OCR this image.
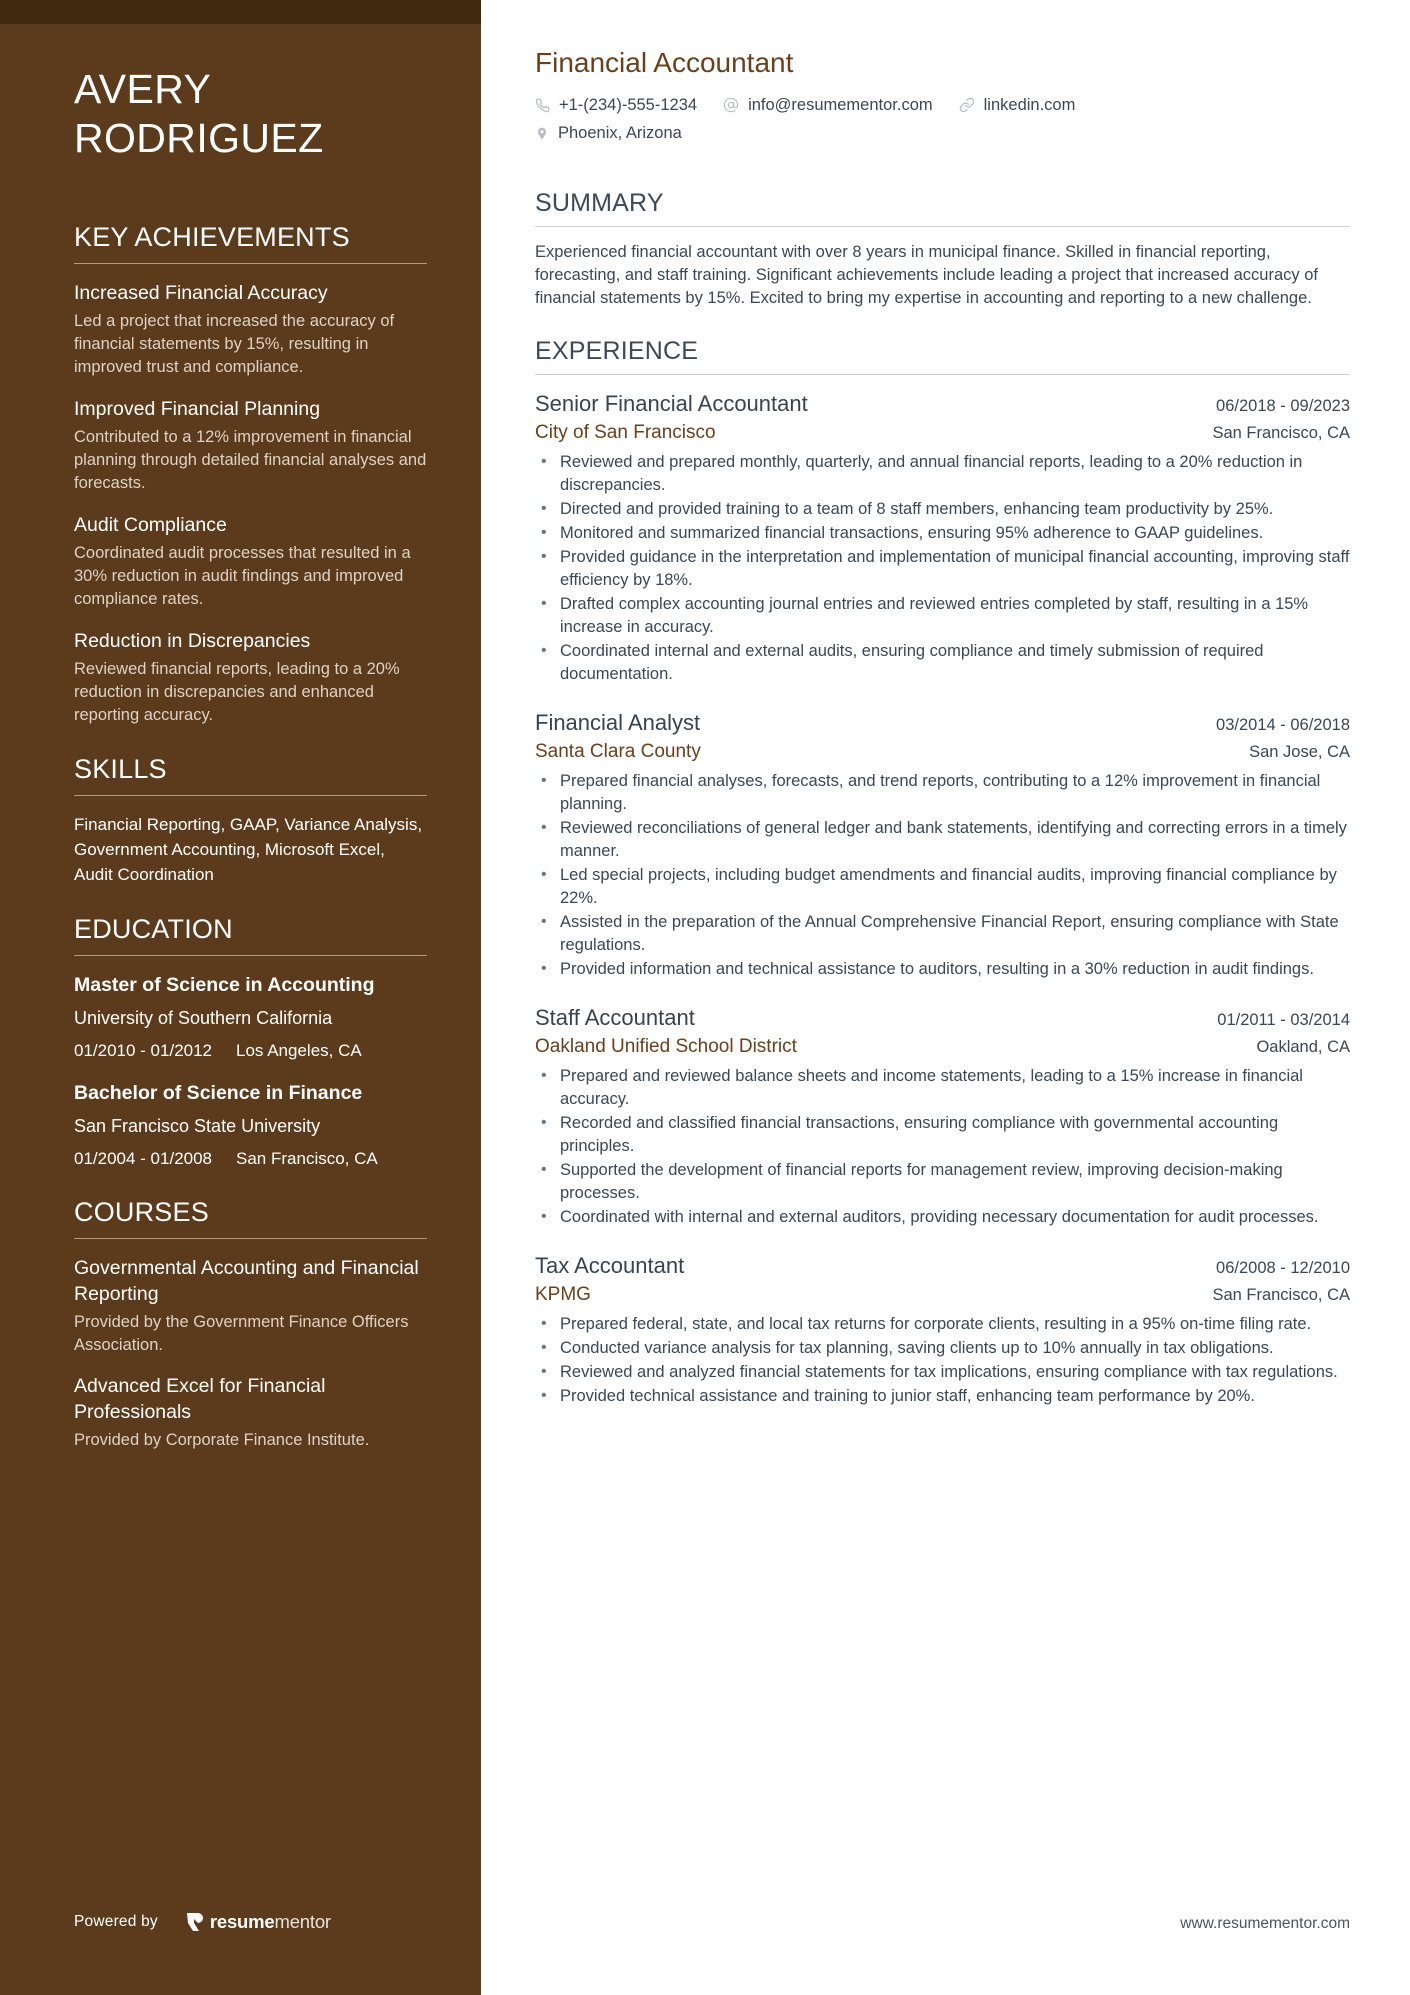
AVERY
RODRIGUEZ
KEY ACHIEVEMENTS
Increased Financial Accuracy
Led a project that increased the accuracy of financial statements by 15%, resulting in improved trust and compliance.
Improved Financial Planning
Contributed to a 12% improvement in financial planning through detailed financial analyses and forecasts.
Audit Compliance
Coordinated audit processes that resulted in a 30% reduction in audit findings and improved compliance rates.
Reduction in Discrepancies
Reviewed financial reports, leading to a 20% reduction in discrepancies and enhanced reporting accuracy.
SKILLS
Financial Reporting, GAAP, Variance Analysis, Government Accounting, Microsoft Excel, Audit Coordination
EDUCATION
Master of Science in Accounting
University of Southern California
01/2010 - 01/2012 Los Angeles, CA
Bachelor of Science in Finance
San Francisco State University
01/2004 - 01/2008 San Francisco, CA
COURSES
Governmental Accounting and Financial Reporting
Provided by the Government Finance Officers Association.
Advanced Excel for Financial Professionals
Provided by Corporate Finance Institute.
Powered by	resumementor
Financial Accountant
+1-(234)-555-1234	info@resumementor.com	linkedin.com
Phoenix, Arizona
SUMMARY

Experienced financial accountant with over 8 years in municipal finance. Skilled in financial reporting, forecasting, and staff training. Significant achievements include leading a project that increased accuracy of financial statements by 15%. Excited to bring my expertise in accounting and reporting to a new challenge.

EXPERIENCE
Senior Financial Accountant	06/2018 - 09/2023
City of San Francisco	San Francisco, CA
• Reviewed and prepared monthly, quarterly, and annual financial reports, leading to a 20% reduction in discrepancies.
• Directed and provided training to a team of 8 staff members, enhancing team productivity by 25%.
• Monitored and summarized financial transactions, ensuring 95% adherence to GAAP guidelines.
• Provided guidance in the interpretation and implementation of municipal financial accounting, improving staff efficiency by 18%.
• Drafted complex accounting journal entries and reviewed entries completed by staff, resulting in a 15% increase in accuracy.
• Coordinated internal and external audits, ensuring compliance and timely submission of required documentation.
Financial Analyst	03/2014 - 06/2018
Santa Clara County	San Jose, CA
• Prepared financial analyses, forecasts, and trend reports, contributing to a 12% improvement in financial planning.
• Reviewed reconciliations of general ledger and bank statements, identifying and correcting errors in a timely manner.
• Led special projects, including budget amendments and financial audits, improving financial compliance by 22%.
• Assisted in the preparation of the Annual Comprehensive Financial Report, ensuring compliance with State regulations.
• Provided information and technical assistance to auditors, resulting in a 30% reduction in audit findings.
Staff Accountant	01/2011 - 03/2014
Oakland Unified School District	Oakland, CA
• Prepared and reviewed balance sheets and income statements, leading to a 15% increase in financial accuracy.
• Recorded and classified financial transactions, ensuring compliance with governmental accounting principles.
• Supported the development of financial reports for management review, improving decision-making processes.
• Coordinated with internal and external auditors, providing necessary documentation for audit processes.
Tax Accountant	06/2008 - 12/2010
KPMG	San Francisco, CA
• Prepared federal, state, and local tax returns for corporate clients, resulting in a 95% on-time filing rate.
• Conducted variance analysis for tax planning, saving clients up to 10% annually in tax obligations.
• Reviewed and analyzed financial statements for tax implications, ensuring compliance with tax regulations.
• Provided technical assistance and training to junior staff, enhancing team performance by 20%.
www.resumementor.com
